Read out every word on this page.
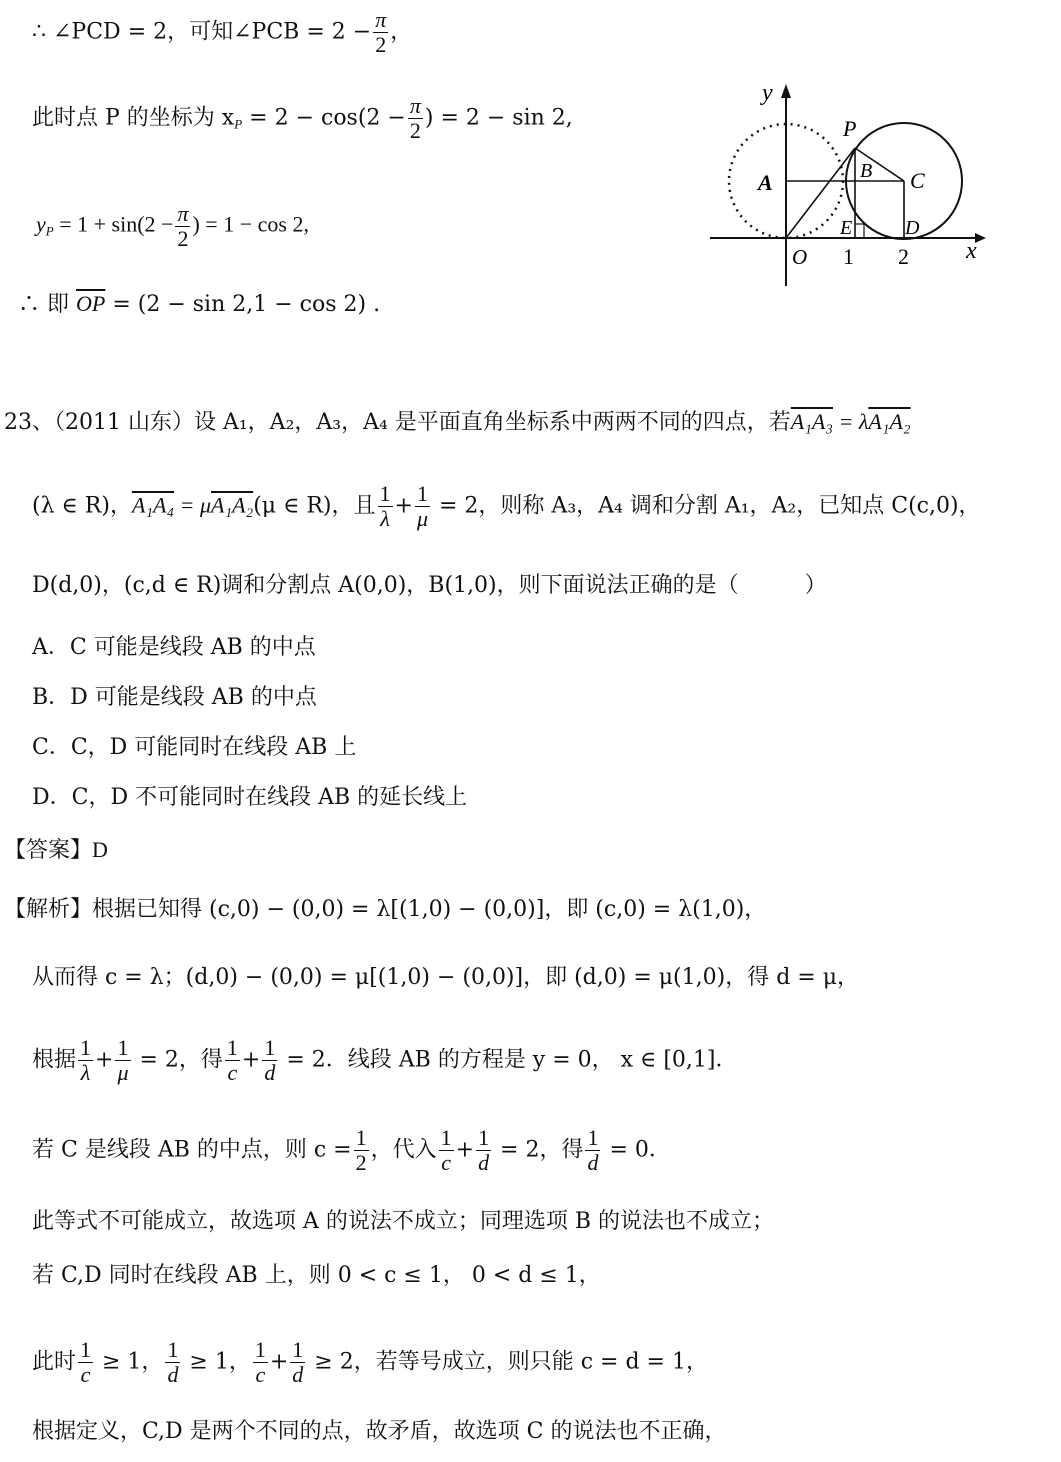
∴ ∠PCD = 2，可知∠PCB = $2 - \frac{\pi}{2}$ ，
此时点 P 的坐标为 $x_P = 2 - \cos(2 - \frac{\pi}{2}$ ) = 2 − sin 2,
$y_P = 1 + \sin(2 - \frac{\pi}{2}$ ) = 1 − cos 2,
∴ 即 $\overline{OP} = (2 - \sin 2,1 - \cos 2)$ .
y
x
O
P
A	B C
D
E
1 2
23、（2011 山东）设 A₁，A₂，A₃，A₄ 是平面直角坐标系中两两不同的四点，若A₁A₃ = λA₁A₂
(λ ∈ R)，A₁A₄ = μA₁A₂(μ ∈ R)，且 $\frac{1}{\lambda} + \frac{1}{\mu} = 2$，则称 A₃，A₄ 调和分割 A₁，A₂，已知点 C(c,0)，
D(d,0)，(c,d ∈ R)调和分割点 A(0,0)，B(1,0)，则下面说法正确的是（　　　）
A．C 可能是线段 AB 的中点
B．D 可能是线段 AB 的中点
C．C，D 可能同时在线段 AB 上
D．C，D 不可能同时在线段 AB 的延长线上
【答案】D
【解析】根据已知得 (c,0) − (0,0) = λ[(1,0) − (0,0)]，即 (c,0) = λ(1,0)，
从而得 c = λ；(d,0) − (0,0) = μ[(1,0) − (0,0)]，即 (d,0) = μ(1,0)，得 d = μ，
根据 $\frac{1}{\lambda} + \frac{1}{\mu} = 2$，得 $\frac{1}{c} + \frac{1}{d} = 2$．线段 AB 的方程是 y = 0， x ∈ [0,1]．
若 C 是线段 AB 的中点，则 $c = \frac{1}{2}$ ，代入 $\frac{1}{c} + \frac{1}{d} = 2$，得 $\frac{1}{d} = 0$．
此等式不可能成立，故选项 A 的说法不成立；同理选项 B 的说法也不成立；
若 C,D 同时在线段 AB 上，则 0 < c ≤ 1， 0 < d ≤ 1，
此时 $\frac{1}{c} \ge 1$， $\frac{1}{d} \ge 1$， $\frac{1}{c} + \frac{1}{d} \ge 2$，若等号成立，则只能 c = d = 1，
根据定义，C,D 是两个不同的点，故矛盾，故选项 C 的说法也不正确，
